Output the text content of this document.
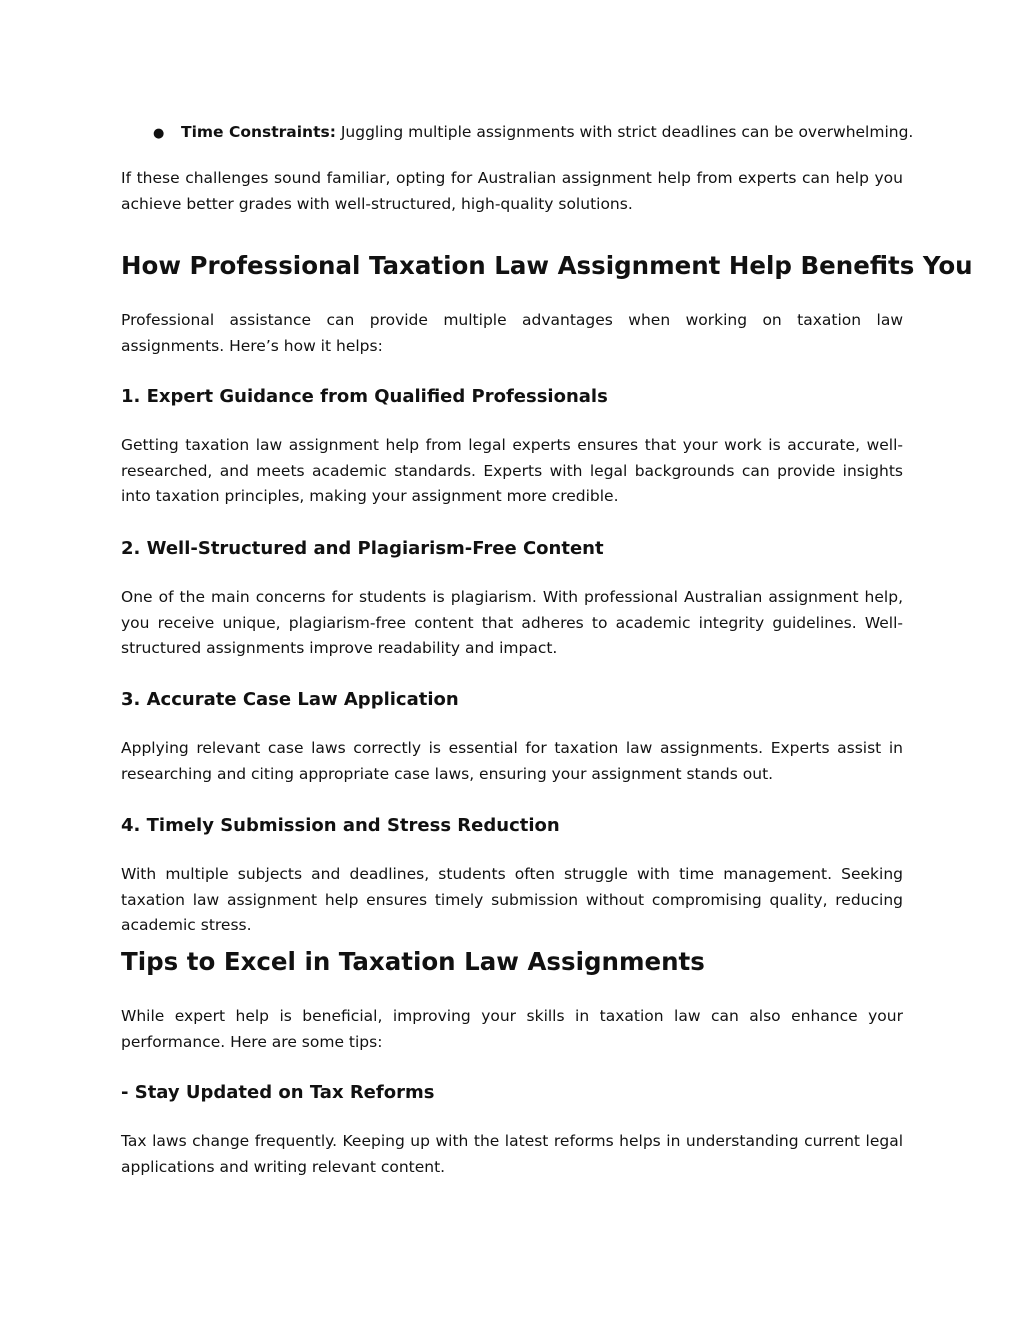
● Time Constraints: Juggling multiple assignments with strict deadlines can be overwhelming.

If these challenges sound familiar, opting for Australian assignment help from experts can help you achieve better grades with well-structured, high-quality solutions.

How Professional Taxation Law Assignment Help Benefits You

Professional assistance can provide multiple advantages when working on taxation law assignments. Here’s how it helps:

1. Expert Guidance from Qualified Professionals

Getting taxation law assignment help from legal experts ensures that your work is accurate, well-researched, and meets academic standards. Experts with legal backgrounds can provide insights into taxation principles, making your assignment more credible.

2. Well-Structured and Plagiarism-Free Content

One of the main concerns for students is plagiarism. With professional Australian assignment help, you receive unique, plagiarism-free content that adheres to academic integrity guidelines. Well-structured assignments improve readability and impact.

3. Accurate Case Law Application

Applying relevant case laws correctly is essential for taxation law assignments. Experts assist in researching and citing appropriate case laws, ensuring your assignment stands out.

4. Timely Submission and Stress Reduction

With multiple subjects and deadlines, students often struggle with time management. Seeking taxation law assignment help ensures timely submission without compromising quality, reducing academic stress.

Tips to Excel in Taxation Law Assignments

While expert help is beneficial, improving your skills in taxation law can also enhance your performance. Here are some tips:

- Stay Updated on Tax Reforms

Tax laws change frequently. Keeping up with the latest reforms helps in understanding current legal applications and writing relevant content.
